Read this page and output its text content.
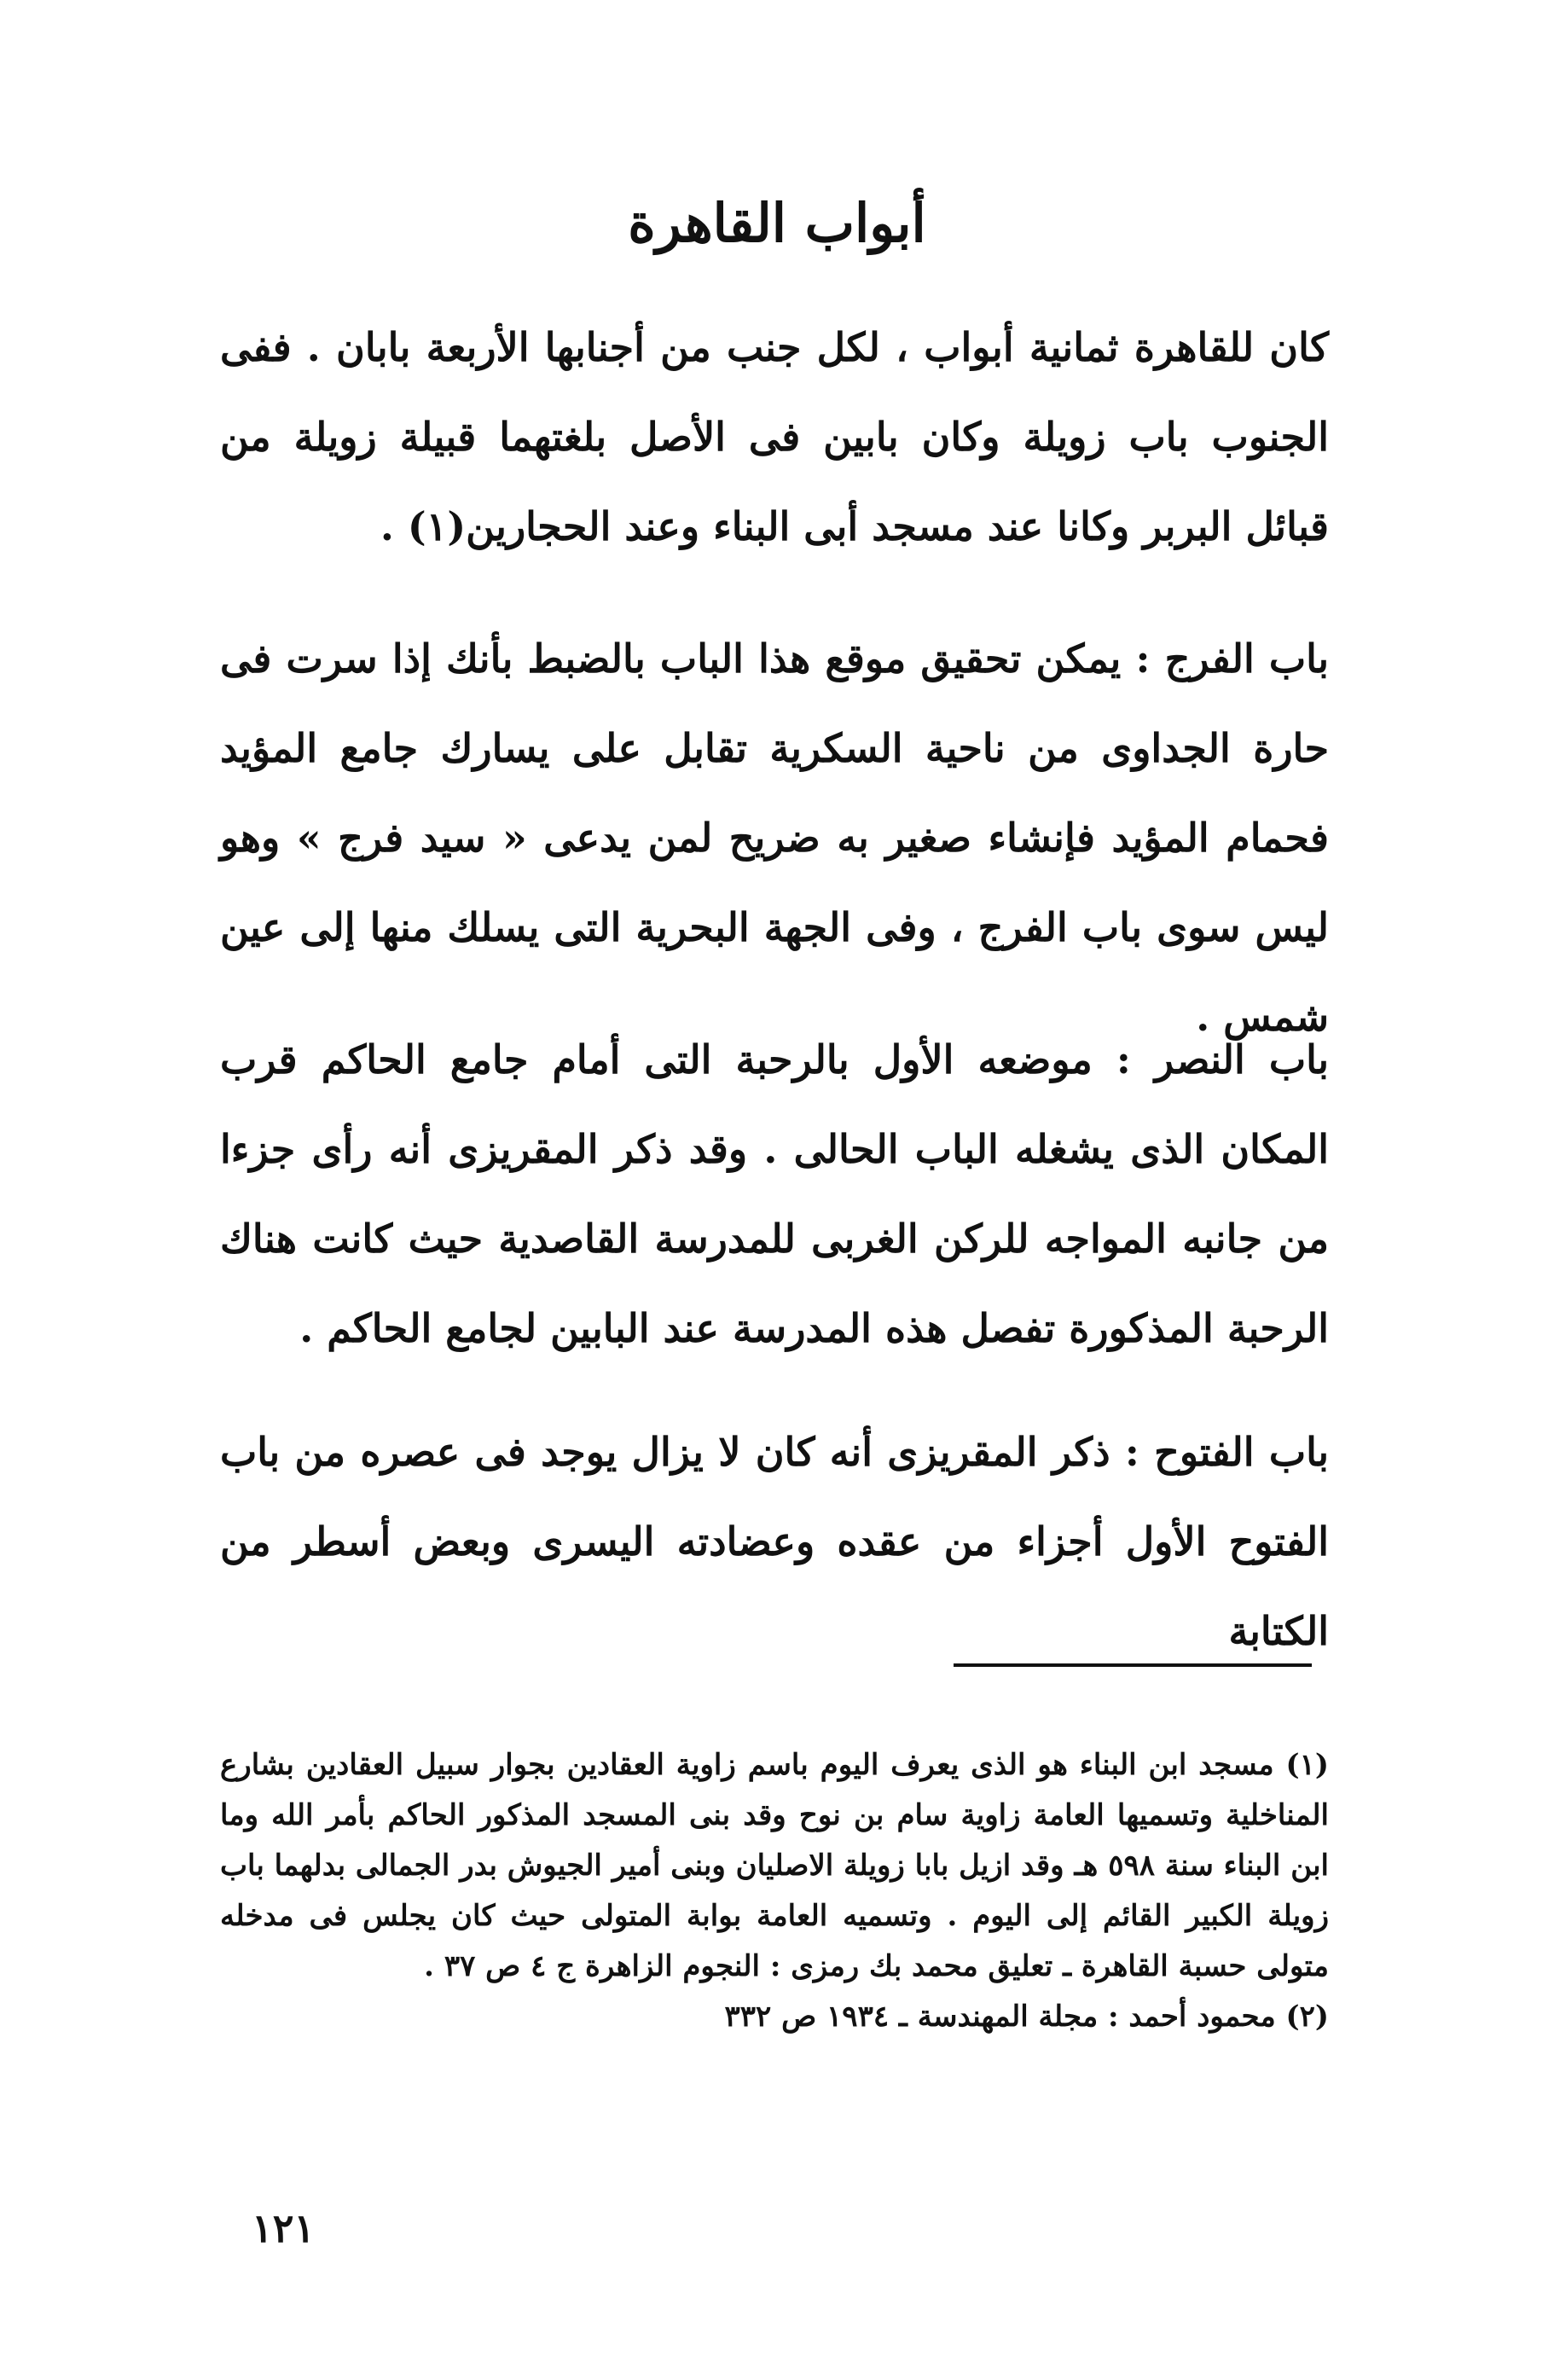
أبواب القاهرة

كان للقاهرة ثمانية أبواب ، لكل جنب من أجنابها الأربعة بابان . ففى الجنوب باب زويلة وكان بابين فى الأصل بلغتهما قبيلة زويلة من قبائل البربر وكانا عند مسجد أبى البناء وعند الحجارين(١) .

باب الفرج : يمكن تحقيق موقع هذا الباب بالضبط بأنك إذا سرت فى حارة الجداوى من ناحية السكرية تقابل على يسارك جامع المؤيد فحمام المؤيد فإنشاء صغير به ضريح لمن يدعى « سيد فرج » وهو ليس سوى باب الفرج ، وفى الجهة البحرية التى يسلك منها إلى عين شمس .

باب النصر : موضعه الأول بالرحبة التى أمام جامع الحاكم قرب المكان الذى يشغله الباب الحالى . وقد ذكر المقريزى أنه رأى جزءا من جانبه المواجه للركن الغربى للمدرسة القاصدية حيث كانت هناك الرحبة المذكورة تفصل هذه المدرسة عند البابين لجامع الحاكم .

باب الفتوح : ذكر المقريزى أنه كان لا يزال يوجد فى عصره من باب الفتوح الأول أجزاء من عقده وعضادته اليسرى وبعض أسطر من الكتابة

(١) مسجد ابن البناء هو الذى يعرف اليوم باسم زاوية العقادين بجوار سبيل العقادين بشارع المناخلية وتسميها العامة زاوية سام بن نوح وقد بنى المسجد المذكور الحاكم بأمر الله وما ابن البناء سنة ٥٩٨ هـ وقد ازيل بابا زويلة الاصليان وبنى أمير الجيوش بدر الجمالى بدلهما باب زويلة الكبير القائم إلى اليوم . وتسميه العامة بوابة المتولى حيث كان يجلس فى مدخله متولى حسبة القاهرة ـ تعليق محمد بك رمزى : النجوم الزاهرة ج ٤ ص ٣٧ .

(٢) محمود أحمد : مجلة المهندسة ـ ١٩٣٤ ص ٣٣٢

١٢١
